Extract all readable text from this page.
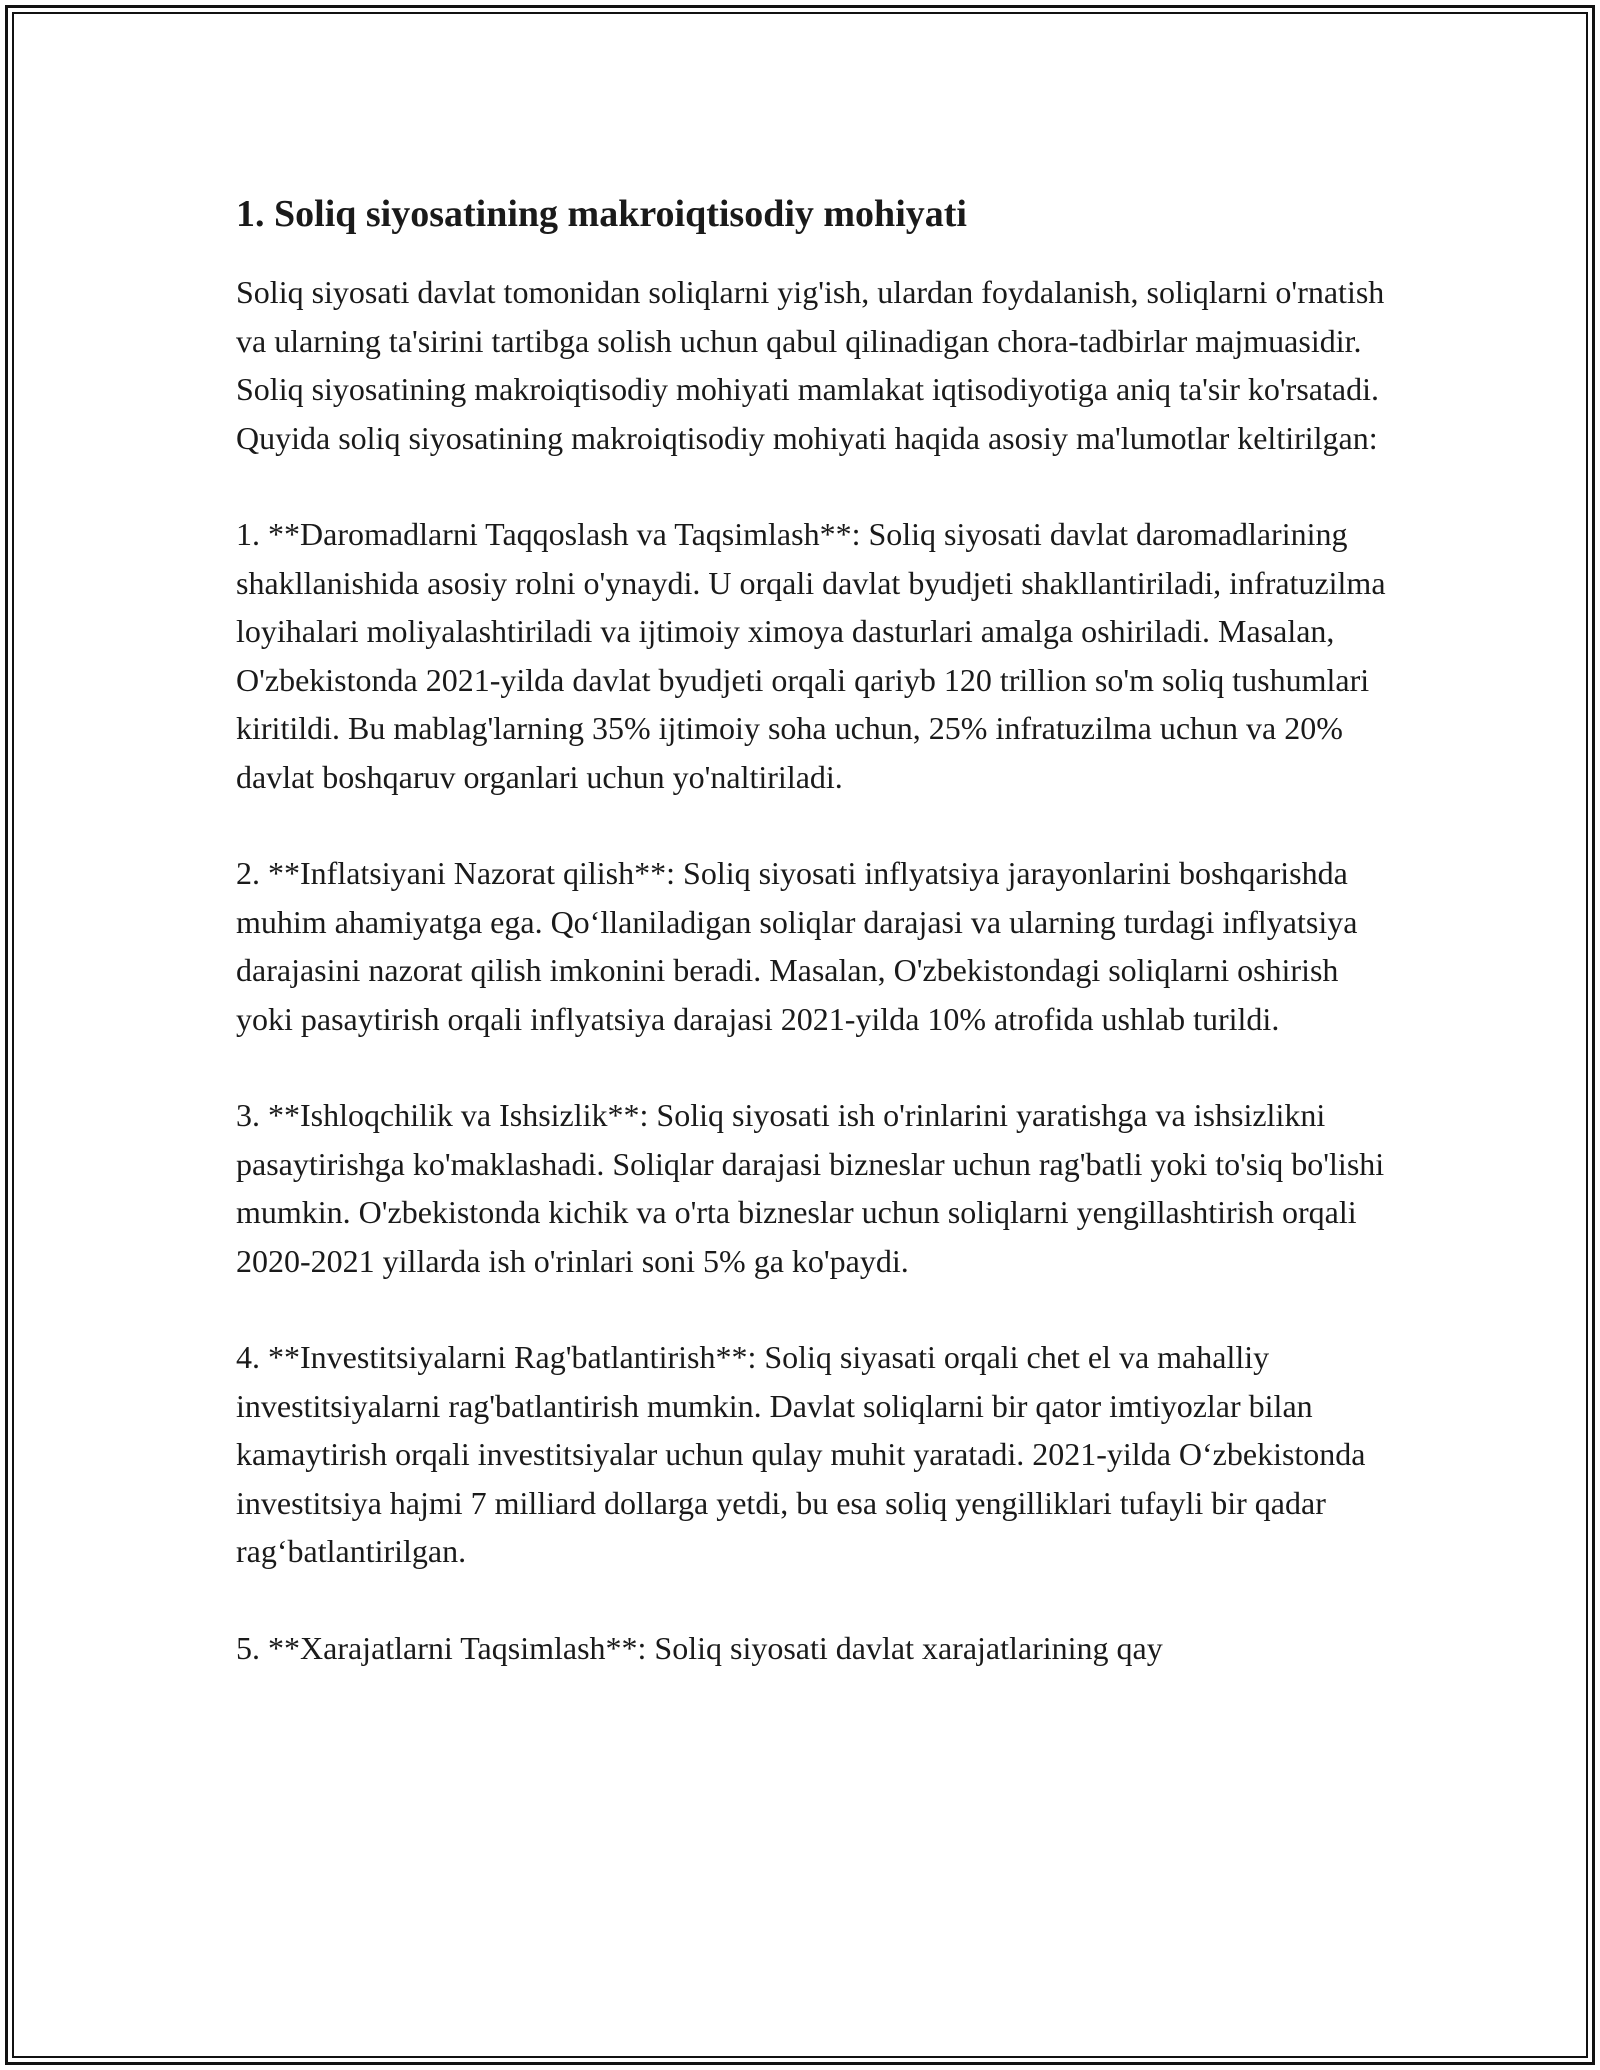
1. Soliq siyosatining makroiqtisodiy mohiyati

Soliq siyosati davlat tomonidan soliqlarni yig'ish, ulardan foydalanish, soliqlarni o'rnatish va ularning ta'sirini tartibga solish uchun qabul qilinadigan chora-tadbirlar majmuasidir. Soliq siyosatining makroiqtisodiy mohiyati mamlakat iqtisodiyotiga aniq ta'sir ko'rsatadi. Quyida soliq siyosatining makroiqtisodiy mohiyati haqida asosiy ma'lumotlar keltirilgan:

1. **Daromadlarni Taqqoslash va Taqsimlash**: Soliq siyosati davlat daromadlarining shakllanishida asosiy rolni o'ynaydi. U orqali davlat byudjeti shakllantiriladi, infratuzilma loyihalari moliyalashtiriladi va ijtimoiy ximoya dasturlari amalga oshiriladi. Masalan, O'zbekistonda 2021-yilda davlat byudjeti orqali qariyb 120 trillion so'm soliq tushumlari kiritildi. Bu mablag'larning 35% ijtimoiy soha uchun, 25% infratuzilma uchun va 20% davlat boshqaruv organlari uchun yo'naltiriladi.

2. **Inflatsiyani Nazorat qilish**: Soliq siyosati inflyatsiya jarayonlarini boshqarishda muhim ahamiyatga ega. Qo‘llaniladigan soliqlar darajasi va ularning turdagi inflyatsiya darajasini nazorat qilish imkonini beradi. Masalan, O'zbekistondagi soliqlarni oshirish yoki pasaytirish orqali inflyatsiya darajasi 2021-yilda 10% atrofida ushlab turildi.

3. **Ishloqchilik va Ishsizlik**: Soliq siyosati ish o'rinlarini yaratishga va ishsizlikni pasaytirishga ko'maklashadi. Soliqlar darajasi bizneslar uchun rag'batli yoki to'siq bo'lishi mumkin. O'zbekistonda kichik va o'rta bizneslar uchun soliqlarni yengillashtirish orqali 2020-2021 yillarda ish o'rinlari soni 5% ga ko'paydi.

4. **Investitsiyalarni Rag'batlantirish**: Soliq siyasati orqali chet el va mahalliy investitsiyalarni rag'batlantirish mumkin. Davlat soliqlarni bir qator imtiyozlar bilan kamaytirish orqali investitsiyalar uchun qulay muhit yaratadi. 2021-yilda O‘zbekistonda investitsiya hajmi 7 milliard dollarga yetdi, bu esa soliq yengilliklari tufayli bir qadar rag‘batlantirilgan.

5. **Xarajatlarni Taqsimlash**: Soliq siyosati davlat xarajatlarining qay
